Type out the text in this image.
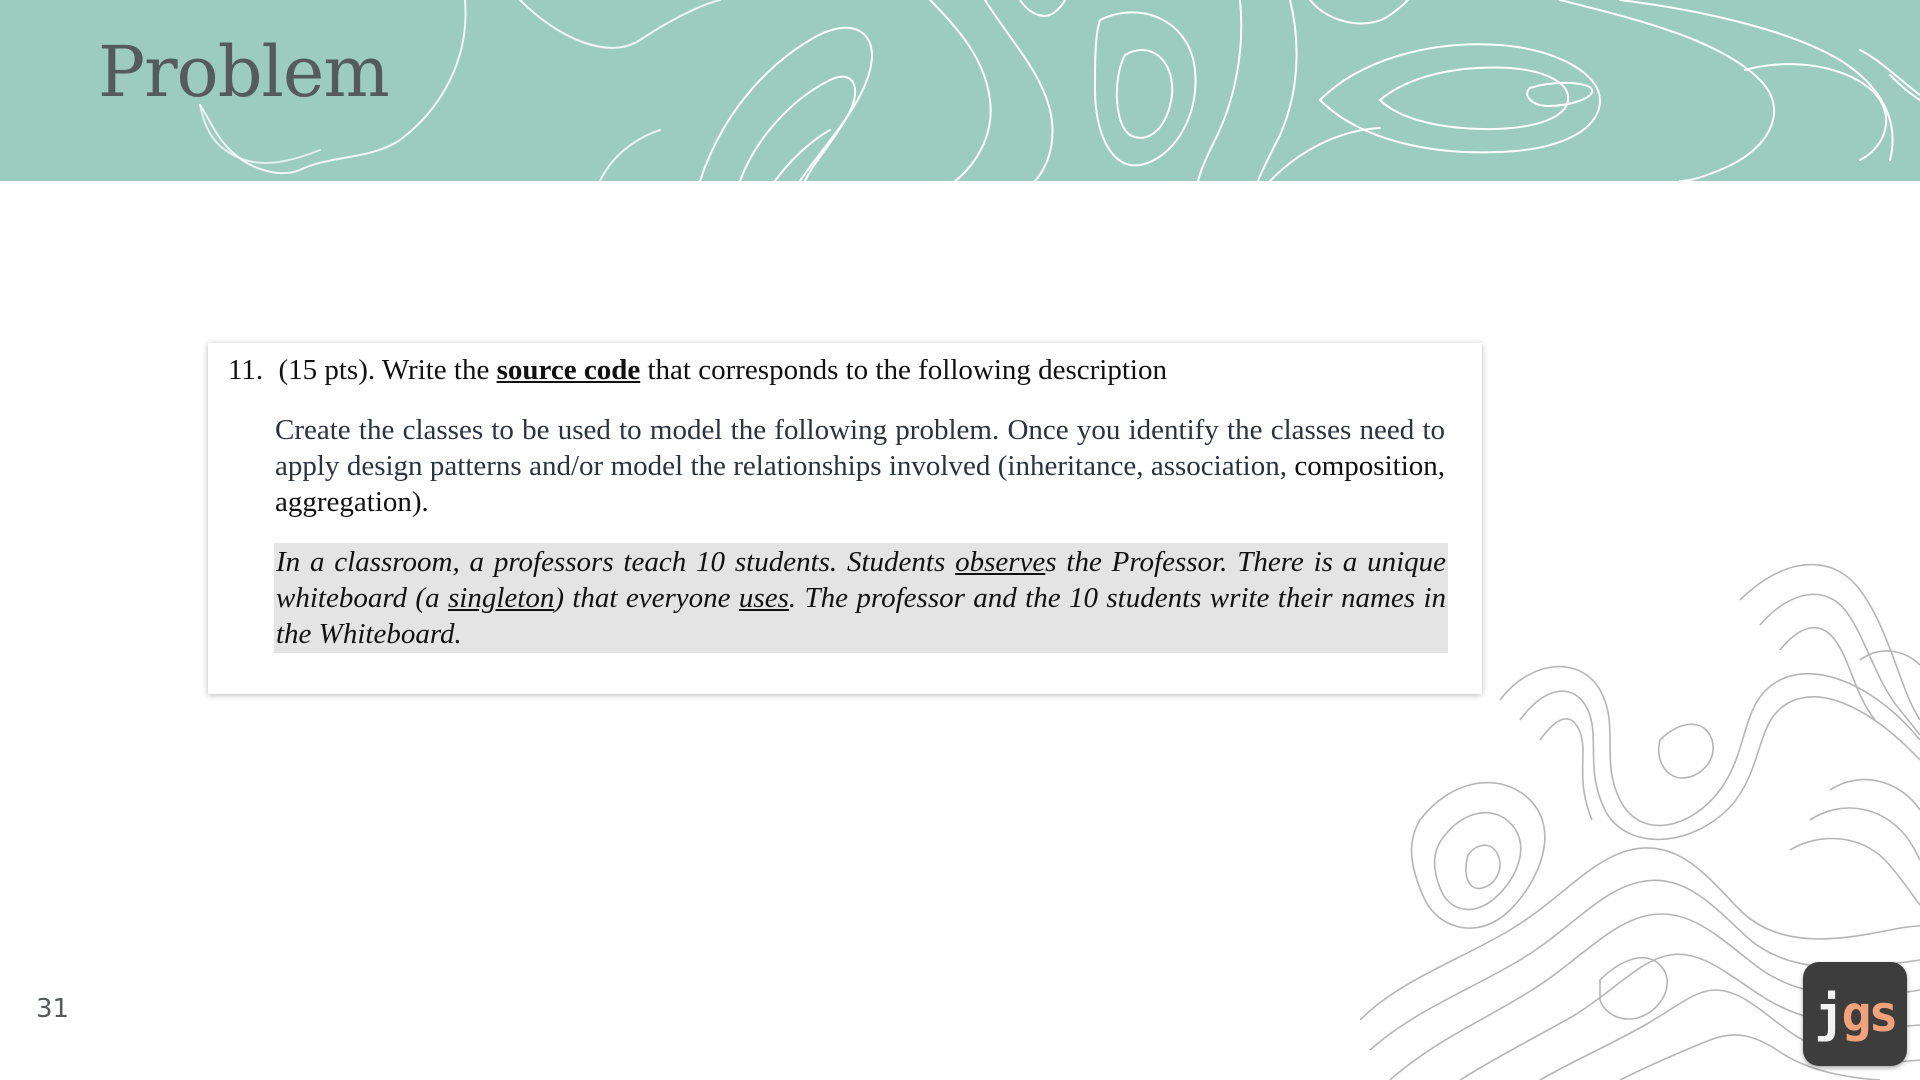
Problem
11. (15 pts). Write the source code that corresponds to the following description

Create the classes to be used to model the following problem. Once you identify the classes need to apply design patterns and/or model the relationships involved (inheritance, association, composition, aggregation).

In a classroom, a professors teach 10 students. Students observes the Professor. There is a unique whiteboard (a singleton) that everyone uses. The professor and the 10 students write their names in the Whiteboard.

31	j gs
